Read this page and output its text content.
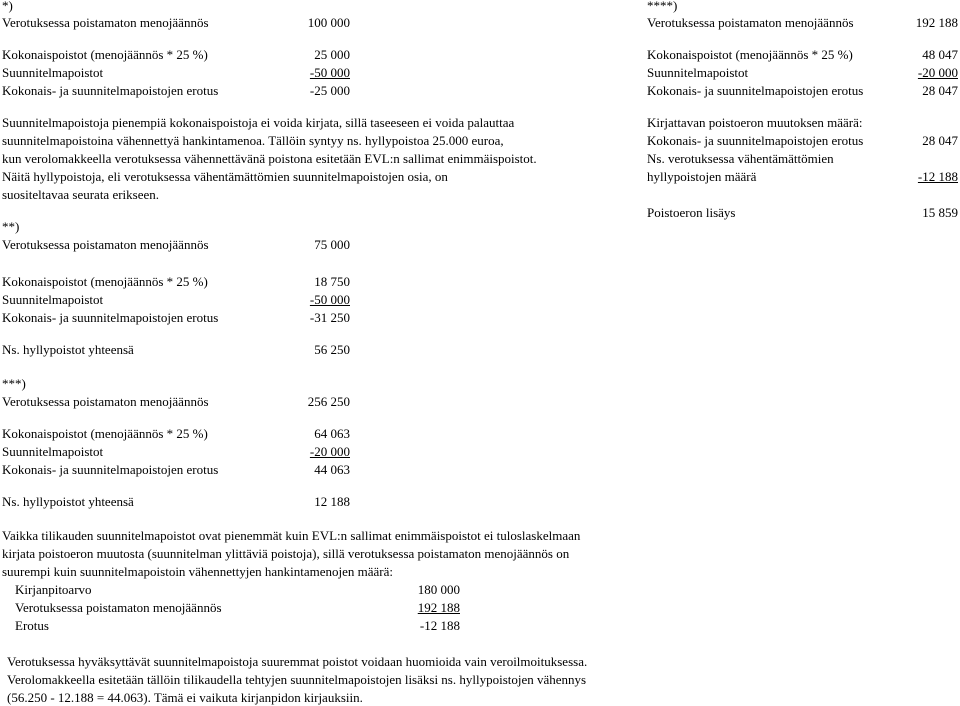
*)
Verotuksessa poistamaton menojäännös	100 000
Kokonaispoistot (menojäännös * 25 %)	25 000
Suunnitelmapoistot	-50 000
Kokonais- ja suunnitelmapoistojen erotus	-25 000
Suunnitelmapoistoja pienempiä kokonaispoistoja ei voida kirjata, sillä taseeseen ei voida palauttaa
suunnitelmapoistoina vähennettyä hankintamenoa. Tällöin syntyy ns. hyllypoistoa 25.000 euroa,
kun verolomakkeella verotuksessa vähennettävänä poistona esitetään EVL:n sallimat enimmäispoistot.
Näitä hyllypoistoja, eli verotuksessa vähentämättömien suunnitelmapoistojen osia, on
suositeltavaa seurata erikseen.
**)
Verotuksessa poistamaton menojäännös	75 000
Kokonaispoistot (menojäännös * 25 %)	18 750
Suunnitelmapoistot	-50 000
Kokonais- ja suunnitelmapoistojen erotus	-31 250
Ns. hyllypoistot yhteensä	56 250
***)
Verotuksessa poistamaton menojäännös	256 250
Kokonaispoistot (menojäännös * 25 %)	64 063
Suunnitelmapoistot	-20 000
Kokonais- ja suunnitelmapoistojen erotus	44 063
Ns. hyllypoistot yhteensä	12 188
Vaikka tilikauden suunnitelmapoistot ovat pienemmät kuin EVL:n sallimat enimmäispoistot ei tuloslaskelmaan
kirjata poistoeron muutosta (suunnitelman ylittäviä poistoja), sillä verotuksessa poistamaton menojäännös on
suurempi kuin suunnitelmapoistoin vähennettyjen hankintamenojen määrä:
Kirjanpitoarvo	180 000
Verotuksessa poistamaton menojäännös	192 188
Erotus	-12 188
Verotuksessa hyväksyttävät suunnitelmapoistoja suuremmat poistot voidaan huomioida vain veroilmoituksessa.
Verolomakkeella esitetään tällöin tilikaudella tehtyjen suunnitelmapoistojen lisäksi ns. hyllypoistojen vähennys
(56.250 - 12.188 = 44.063). Tämä ei vaikuta kirjanpidon kirjauksiin.
****)
Verotuksessa poistamaton menojäännös	192 188
Kokonaispoistot (menojäännös * 25 %)	48 047
Suunnitelmapoistot	-20 000
Kokonais- ja suunnitelmapoistojen erotus	28 047
Kirjattavan poistoeron muutoksen määrä:
Kokonais- ja suunnitelmapoistojen erotus	28 047
Ns. verotuksessa vähentämättömien
hyllypoistojen määrä	-12 188
Poistoeron lisäys	15 859
